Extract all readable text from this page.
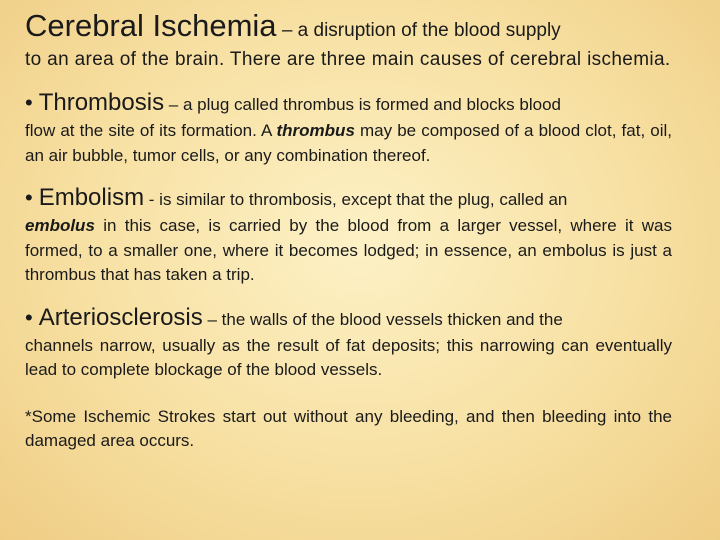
Cerebral Ischemia – a disruption of the blood supply
to an area of the brain. There are three main causes of cerebral ischemia.
• Thrombosis – a plug called thrombus is formed and blocks blood
flow at the site of its formation. A thrombus may be composed of a blood clot, fat, oil, an air bubble, tumor cells, or any combination thereof.
• Embolism - is similar to thrombosis, except that the plug, called an
embolus in this case, is carried by the blood from a larger vessel, where it was formed, to a smaller one, where it becomes lodged; in essence, an embolus is just a thrombus that has taken a trip.
• Arteriosclerosis – the walls of the blood vessels thicken and the
channels narrow, usually as the result of fat deposits; this narrowing can eventually lead to complete blockage of the blood vessels.
*Some Ischemic Strokes start out without any bleeding, and then bleeding into the damaged area occurs.
